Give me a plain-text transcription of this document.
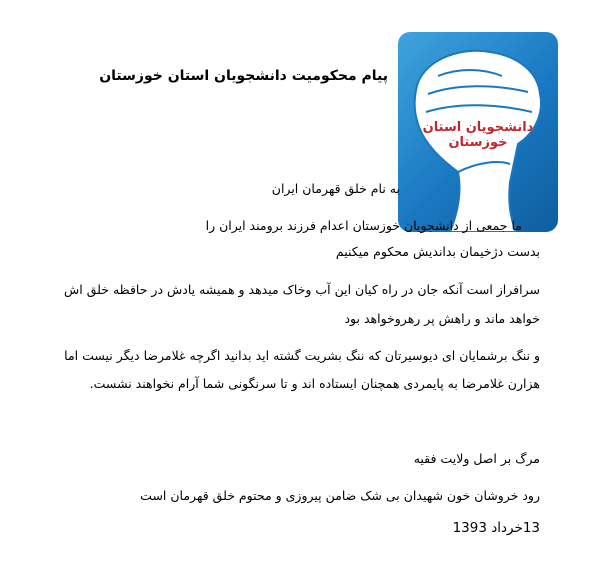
دانشجویان استان خوزستان
پیام محکومیت دانشجویان استان خوزستان
به نام خلق قهرمان ایران
ما جمعی از دانشجویان خوزستان اعدام فرزند برومند ایران را
بدست دژخیمان بداندیش محکوم میکنیم
سرافراز است آنکه جان در راه کیان این آب وخاک میدهد و همیشه یادش در حافظه خلق اش
خواهد ماند و راهش پر رهروخواهد بود
و ننگ برشمایان ای دیوسیرتان که ننگ بشریت گشته اید بدانید اگرچه غلامرضا دیگر نیست اما
هزارن غلامرضا به پایمردی همچنان ایستاده اند و تا سرنگونی شما آرام نخواهند نشست.
مرگ بر اصل ولایت فقیه
رود خروشان خون شهیدان بی شک ضامن پیروزی و محتوم خلق قهرمان است
13خرداد 1393
